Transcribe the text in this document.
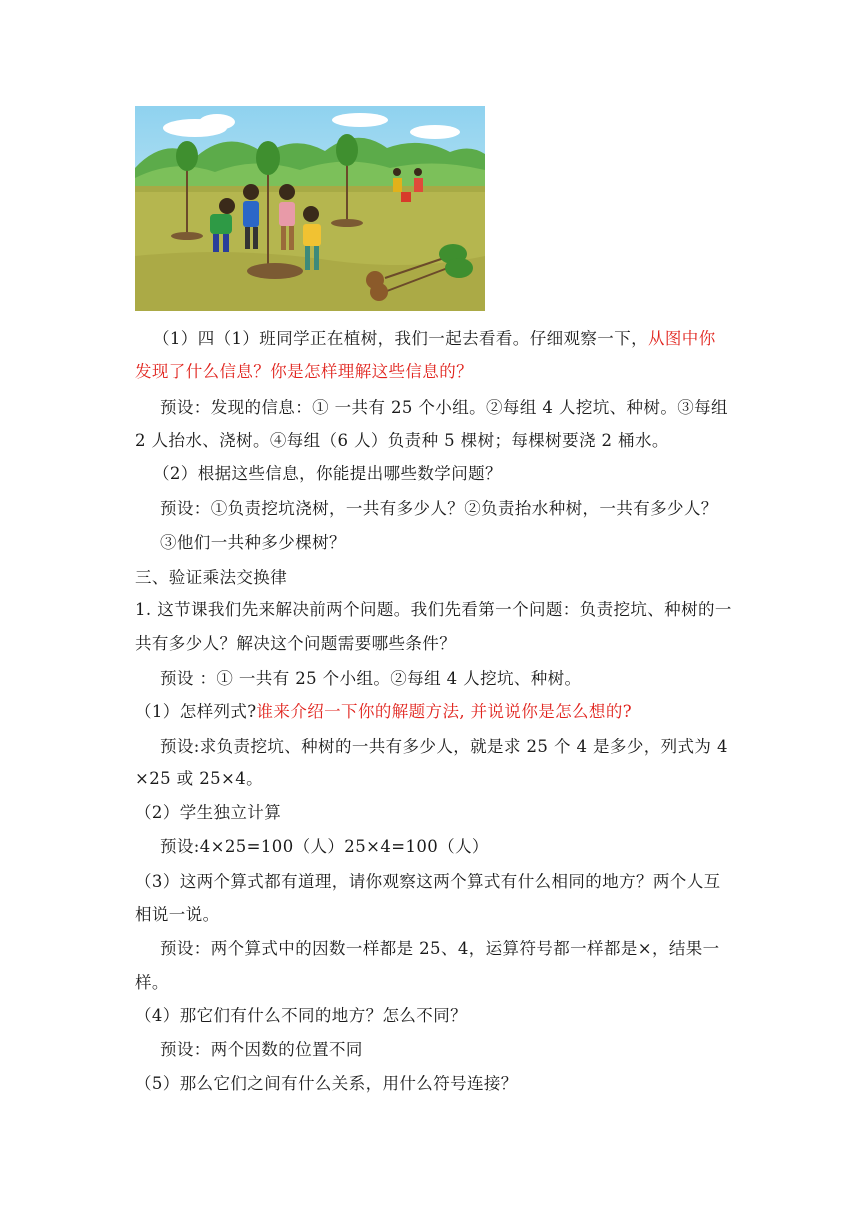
（1）四（1）班同学正在植树，我们一起去看看。仔细观察一下，从图中你
发现了什么信息？你是怎样理解这些信息的？
预设：发现的信息：① 一共有 25 个小组。②每组 4 人挖坑、种树。③每组
2 人抬水、浇树。④每组（6 人）负责种 5 棵树；每棵树要浇 2 桶水。
（2）根据这些信息，你能提出哪些数学问题？
预设：①负责挖坑浇树，一共有多少人？②负责抬水种树，一共有多少人？
③他们一共种多少棵树？
三、验证乘法交换律
1. 这节课我们先来解决前两个问题。我们先看第一个问题：负责挖坑、种树的一
共有多少人？解决这个问题需要哪些条件？
预设 ：① 一共有 25 个小组。②每组 4 人挖坑、种树。
（1）怎样列式?谁来介绍一下你的解题方法, 并说说你是怎么想的?
预设:求负责挖坑、种树的一共有多少人，就是求 25 个 4 是多少，列式为 4
×25 或 25×4。
（2）学生独立计算
预设:4×25=100（人）25×4=100（人）
（3）这两个算式都有道理，请你观察这两个算式有什么相同的地方？两个人互
相说一说。
预设：两个算式中的因数一样都是 25、4，运算符号都一样都是×，结果一
样。
（4）那它们有什么不同的地方？怎么不同？
预设：两个因数的位置不同
（5）那么它们之间有什么关系，用什么符号连接？
